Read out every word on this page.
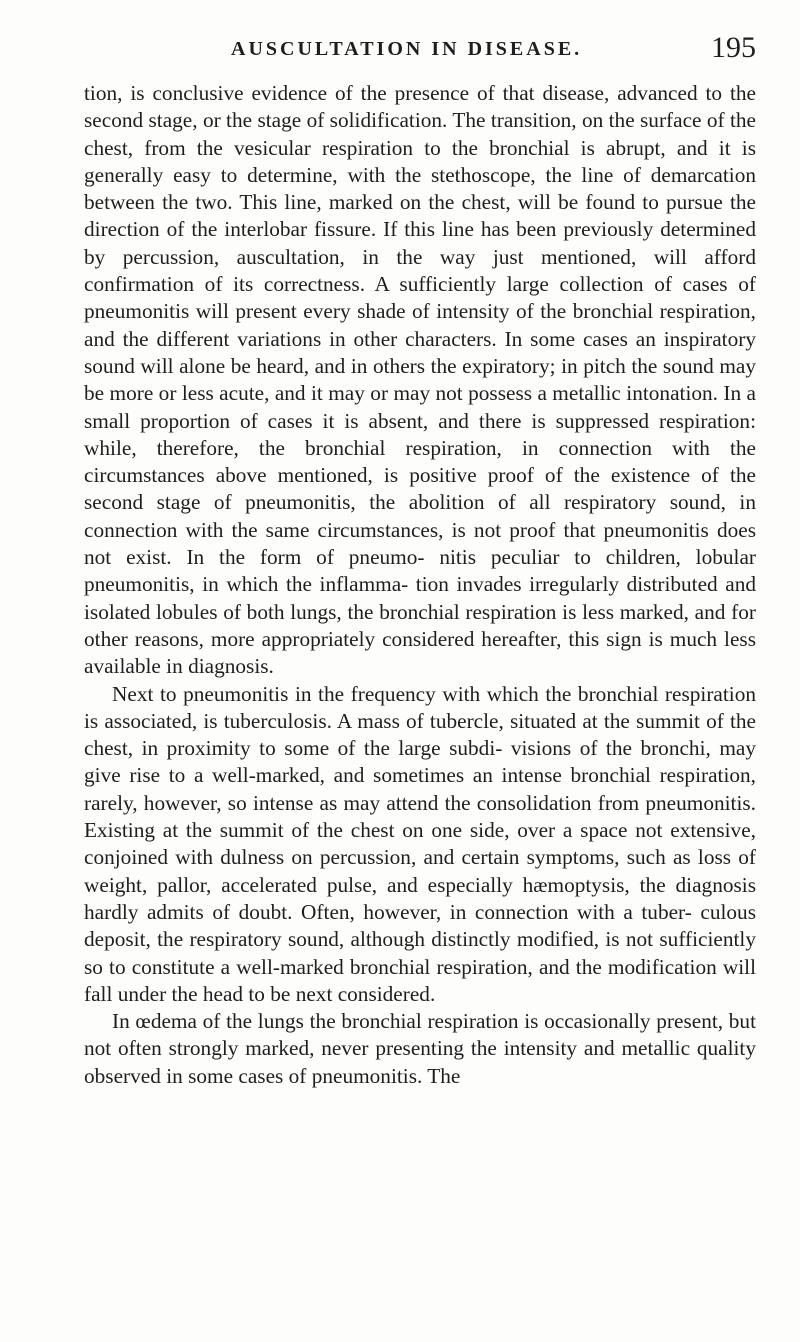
AUSCULTATION IN DISEASE.	195

tion, is conclusive evidence of the presence of that disease, advanced to the second stage, or the stage of solidification. The transition, on the surface of the chest, from the vesicular respiration to the bronchial is abrupt, and it is generally easy to determine, with the stethoscope, the line of demarcation between the two. This line, marked on the chest, will be found to pursue the direction of the interlobar fissure. If this line has been previously determined by percussion, auscultation, in the way just mentioned, will afford confirmation of its correctness. A sufficiently large collection of cases of pneumonitis will present every shade of intensity of the bronchial respiration, and the different variations in other characters. In some cases an inspiratory sound will alone be heard, and in others the expiratory; in pitch the sound may be more or less acute, and it may or may not possess a metallic intonation. In a small proportion of cases it is absent, and there is suppressed respiration: while, therefore, the bronchial respiration, in connection with the circumstances above mentioned, is positive proof of the existence of the second stage of pneumonitis, the abolition of all respiratory sound, in connection with the same circumstances, is not proof that pneumonitis does not exist. In the form of pneumo- nitis peculiar to children, lobular pneumonitis, in which the inflamma- tion invades irregularly distributed and isolated lobules of both lungs, the bronchial respiration is less marked, and for other reasons, more appropriately considered hereafter, this sign is much less available in diagnosis.

Next to pneumonitis in the frequency with which the bronchial respiration is associated, is tuberculosis. A mass of tubercle, situated at the summit of the chest, in proximity to some of the large subdi- visions of the bronchi, may give rise to a well-marked, and sometimes an intense bronchial respiration, rarely, however, so intense as may attend the consolidation from pneumonitis. Existing at the summit of the chest on one side, over a space not extensive, conjoined with dulness on percussion, and certain symptoms, such as loss of weight, pallor, accelerated pulse, and especially hæmoptysis, the diagnosis hardly admits of doubt. Often, however, in connection with a tuber- culous deposit, the respiratory sound, although distinctly modified, is not sufficiently so to constitute a well-marked bronchial respiration, and the modification will fall under the head to be next considered.

In œdema of the lungs the bronchial respiration is occasionally present, but not often strongly marked, never presenting the intensity and metallic quality observed in some cases of pneumonitis. The
